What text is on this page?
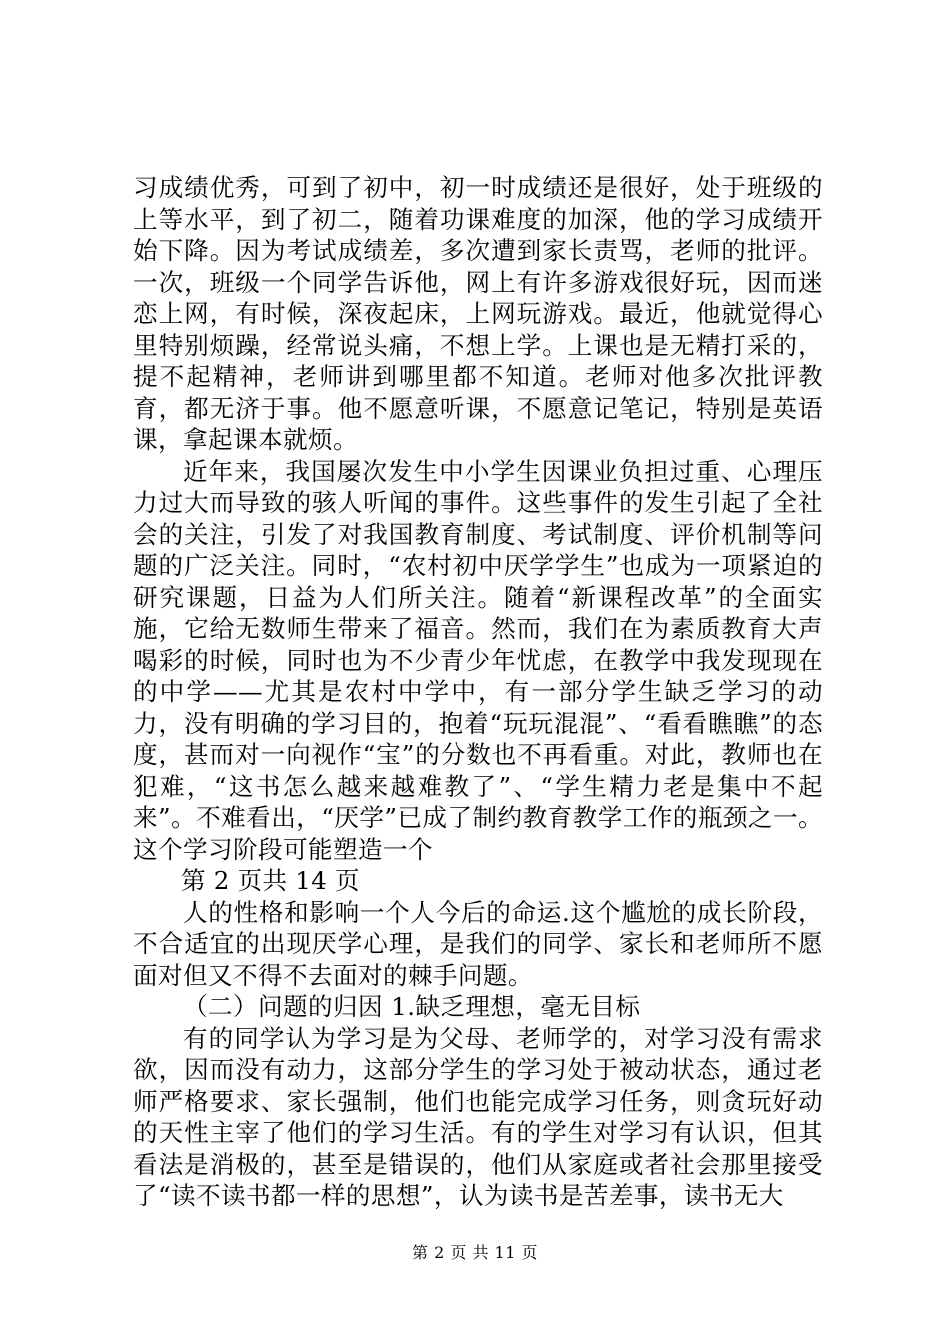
习成绩优秀，可到了初中，初一时成绩还是很好，处于班级的上等水平，到了初二，随着功课难度的加深，他的学习成绩开始下降。因为考试成绩差，多次遭到家长责骂，老师的批评。一次，班级一个同学告诉他，网上有许多游戏很好玩，因而迷恋上网，有时候，深夜起床，上网玩游戏。最近，他就觉得心里特别烦躁，经常说头痛，不想上学。上课也是无精打采的，提不起精神，老师讲到哪里都不知道。老师对他多次批评教育，都无济于事。他不愿意听课，不愿意记笔记，特别是英语课，拿起课本就烦。

近年来，我国屡次发生中小学生因课业负担过重、心理压力过大而导致的骇人听闻的事件。这些事件的发生引起了全社会的关注，引发了对我国教育制度、考试制度、评价机制等问题的广泛关注。同时，“农村初中厌学学生”也成为一项紧迫的研究课题，日益为人们所关注。随着“新课程改革”的全面实施，它给无数师生带来了福音。然而，我们在为素质教育大声喝彩的时候，同时也为不少青少年忧虑，在教学中我发现现在的中学——尤其是农村中学中，有一部分学生缺乏学习的动力，没有明确的学习目的，抱着“玩玩混混”、“看看瞧瞧”的态度，甚而对一向视作“宝”的分数也不再看重。对此，教师也在犯难，“这书怎么越来越难教了”、“学生精力老是集中不起来”。不难看出，“厌学”已成了制约教育教学工作的瓶颈之一。这个学习阶段可能塑造一个

第 2 页共 14 页

人的性格和影响一个人今后的命运.这个尴尬的成长阶段，不合适宜的出现厌学心理，是我们的同学、家长和老师所不愿面对但又不得不去面对的棘手问题。

（二）问题的归因 1.缺乏理想，毫无目标

有的同学认为学习是为父母、老师学的，对学习没有需求欲，因而没有动力，这部分学生的学习处于被动状态，通过老师严格要求、家长强制，他们也能完成学习任务，则贪玩好动的天性主宰了他们的学习生活。有的学生对学习有认识，但其看法是消极的，甚至是错误的，他们从家庭或者社会那里接受了“读不读书都一样的思想”，认为读书是苦差事，读书无大

第 2 页 共 11 页
